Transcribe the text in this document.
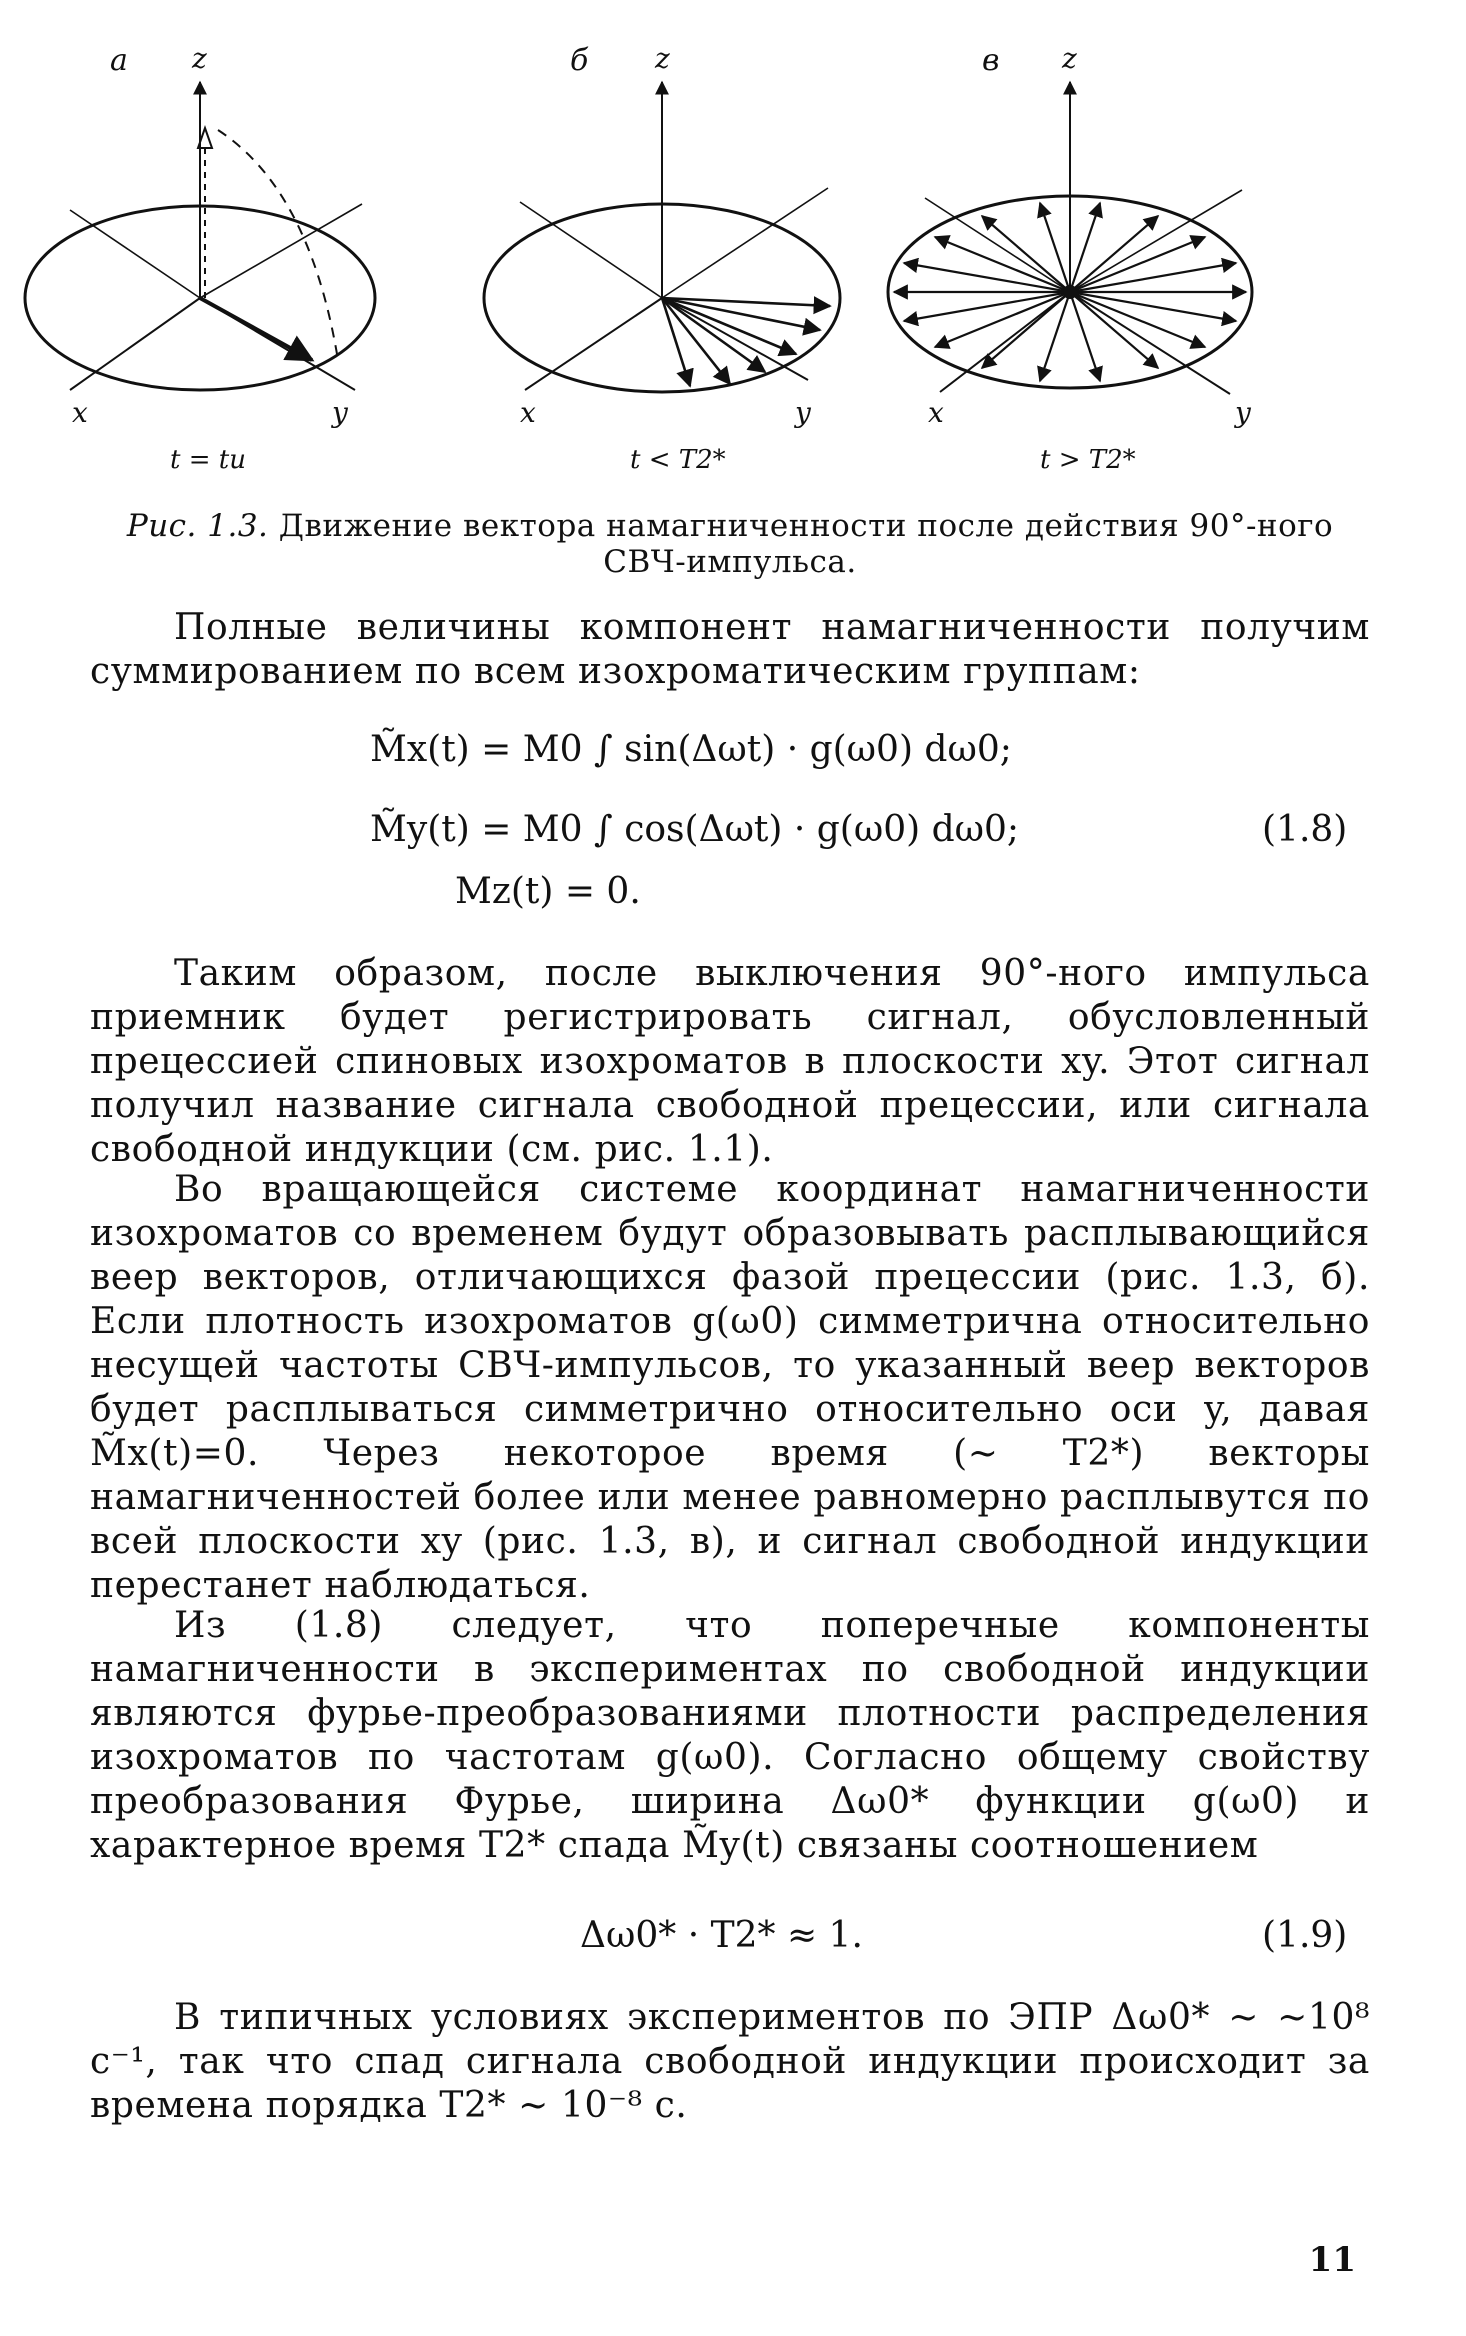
а z
x	y
t = tи
б z
x	y
t < T2*
в z
x	y
t > T2*
Рис. 1.3. Движение вектора намагниченности после действия 90°-ного СВЧ-импульса.
Полные величины компонент намагниченности получим суммированием по всем изохроматическим группам:
M̃x(t) = M0 ∫ sin(Δωt) · g(ω0) dω0;
M̃y(t) = M0 ∫ cos(Δωt) · g(ω0) dω0;
Mz(t) = 0.
(1.8)
Таким образом, после выключения 90°-ного импульса приемник будет регистрировать сигнал, обусловленный прецессией спиновых изохроматов в плоскости xy. Этот сигнал получил название сигнала свободной прецессии, или сигнала свободной индукции (см. рис. 1.1).
Во вращающейся системе координат намагниченности изохроматов со временем будут образовывать расплывающийся веер векторов, отличающихся фазой прецессии (рис. 1.3, б). Если плотность изохроматов g(ω0) симметрична относительно несущей частоты СВЧ-импульсов, то указанный веер векторов будет расплываться симметрично относительно оси y, давая M̃x(t)=0. Через некоторое время (~ T2*) векторы намагниченностей более или менее равномерно расплывутся по всей плоскости xy (рис. 1.3, в), и сигнал свободной индукции перестанет наблюдаться.
Из (1.8) следует, что поперечные компоненты намагниченности в экспериментах по свободной индукции являются фурье-преобразованиями плотности распределения изохроматов по частотам g(ω0). Согласно общему свойству преобразования Фурье, ширина Δω0* функции g(ω0) и характерное время T2* спада M̃y(t) связаны соотношением
Δω0* · T2* ≈ 1.	(1.9)
В типичных условиях экспериментов по ЭПР Δω0* ~ ~10⁸ с⁻¹, так что спад сигнала свободной индукции происходит за времена порядка T2* ~ 10⁻⁸ с.
11
